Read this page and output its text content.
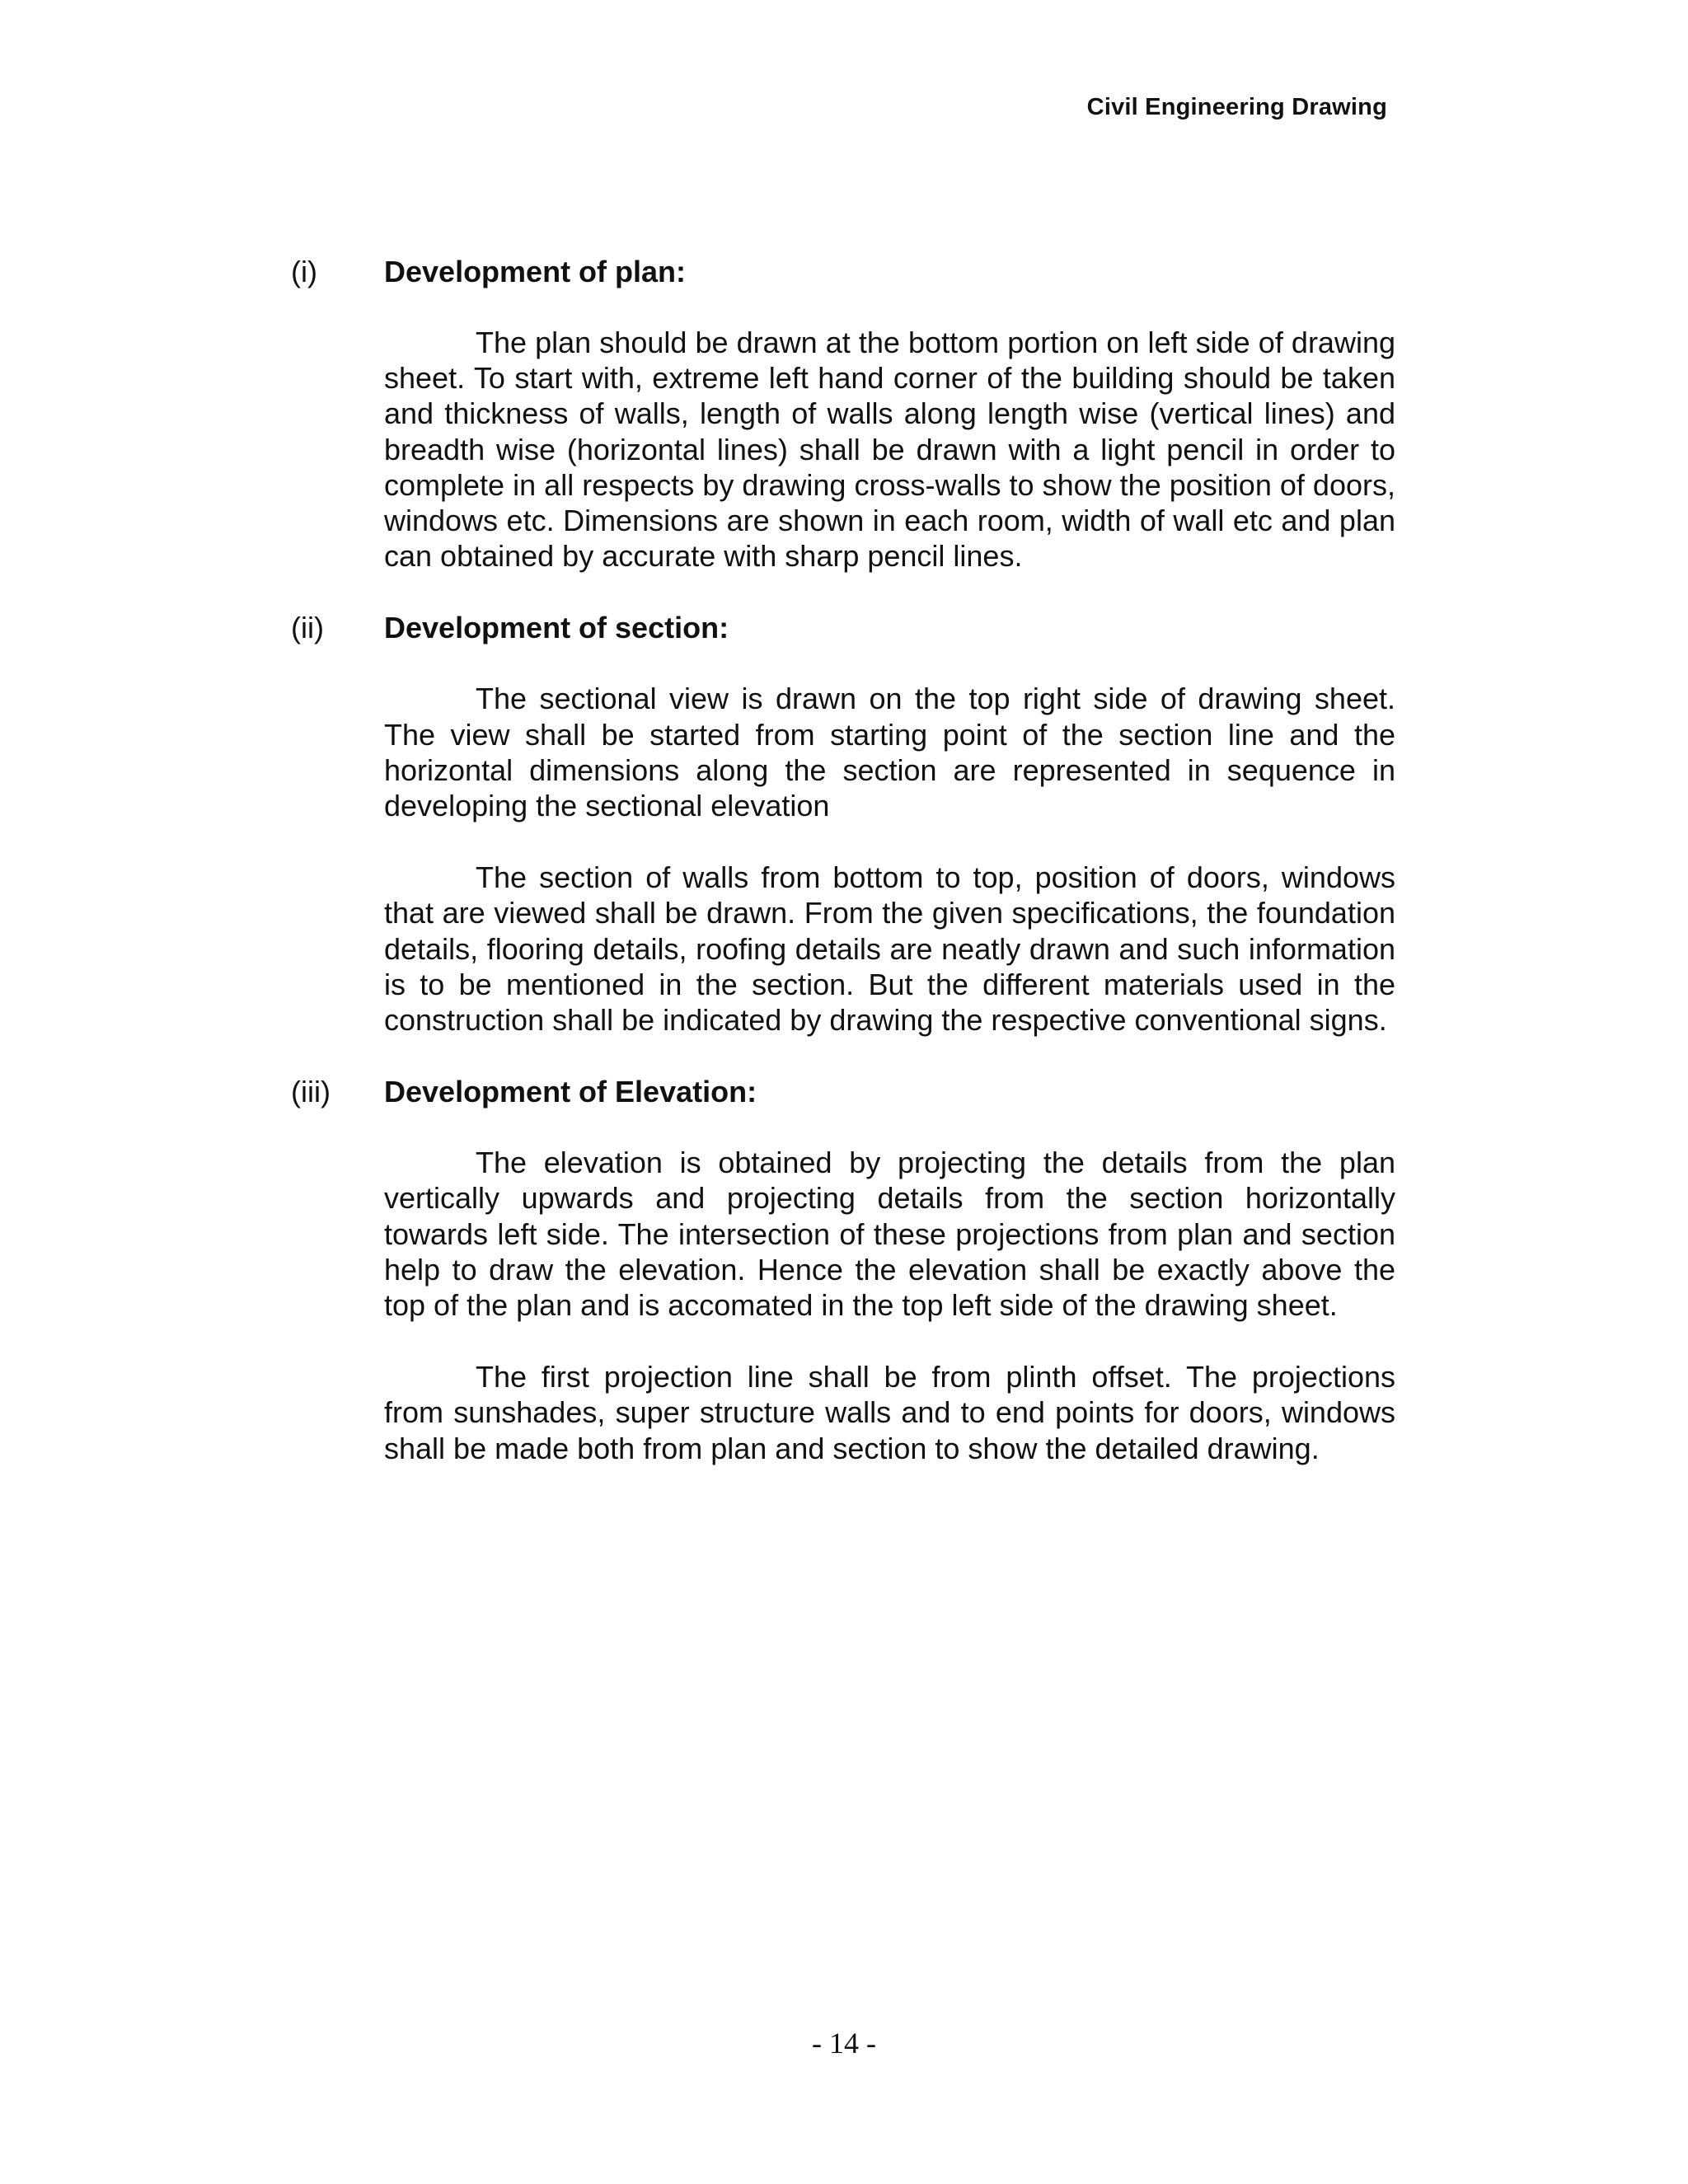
Civil Engineering Drawing
(i)	Development of plan:

The plan should be drawn at the bottom portion on left side of drawing sheet. To start with, extreme left hand corner of the building should be taken and thickness of walls, length of walls along length wise (vertical lines) and breadth wise (horizontal lines) shall be drawn with a light pencil in order to complete in all respects by drawing cross-walls to show the position of doors, windows etc. Dimensions are shown in each room, width of wall etc and plan can obtained by accurate with sharp pencil lines.

(ii)	Development of section:

The sectional view is drawn on the top right side of drawing sheet. The view shall be started from starting point of the section line and the horizontal dimensions along the section are represented in sequence in developing the sectional elevation

The section of walls from bottom to top, position of doors, windows that are viewed shall be drawn. From the given specifications, the foundation details, flooring details, roofing details are neatly drawn and such information is to be mentioned in the section. But the different materials used in the construction shall be indicated by drawing the respective conventional signs.

(iii)	Development of Elevation:

The elevation is obtained by projecting the details from the plan vertically upwards and projecting details from the section horizontally towards left side. The intersection of these projections from plan and section help to draw the elevation. Hence the elevation shall be exactly above the top of the plan and is accomated in the top left side of the drawing sheet.

The first projection line shall be from plinth offset. The projections from sunshades, super structure walls and to end points for doors, windows shall be made both from plan and section to show the detailed drawing.

- 14 -
